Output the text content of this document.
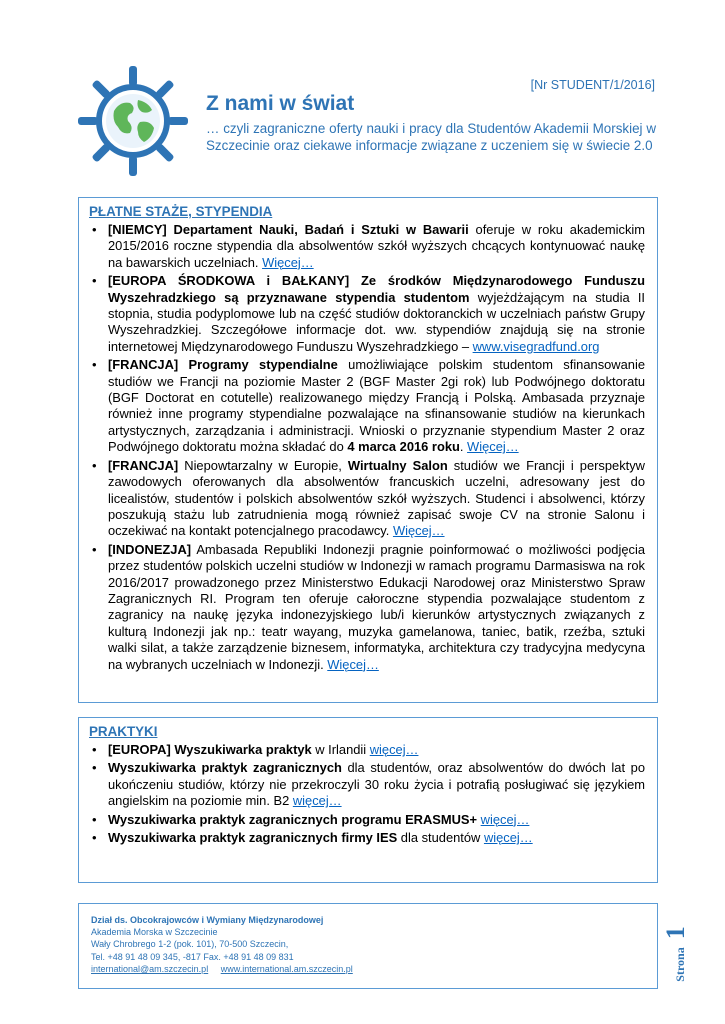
[Nr STUDENT/1/2016]
Z nami w świat

… czyli zagraniczne oferty nauki i pracy dla Studentów Akademii Morskiej w Szczecinie oraz ciekawe informacje związane z uczeniem się w świecie 2.0

PŁATNE STAŻE, STYPENDIA
• [NIEMCY] Departament Nauki, Badań i Sztuki w Bawarii oferuje w roku akademickim 2015/2016 roczne stypendia dla absolwentów szkół wyższych chcących kontynuować naukę na bawarskich uczelniach. Więcej…
• [EUROPA ŚRODKOWA i BAŁKANY] Ze środków Międzynarodowego Funduszu Wyszehradzkiego są przyznawane stypendia studentom wyjeżdżającym na studia II stopnia, studia podyplomowe lub na część studiów doktoranckich w uczelniach państw Grupy Wyszehradzkiej. Szczegółowe informacje dot. ww. stypendiów znajdują się na stronie internetowej Międzynarodowego Funduszu Wyszehradzkiego – www.visegradfund.org
• [FRANCJA] Programy stypendialne umożliwiające polskim studentom sfinansowanie studiów we Francji na poziomie Master 2 (BGF Master 2gi rok) lub Podwójnego doktoratu (BGF Doctorat en cotutelle) realizowanego między Francją i Polską. Ambasada przyznaje również inne programy stypendialne pozwalające na sfinansowanie studiów na kierunkach artystycznych, zarządzania i administracji. Wnioski o przyznanie stypendium Master 2 oraz Podwójnego doktoratu można składać do 4 marca 2016 roku. Więcej…
• [FRANCJA] Niepowtarzalny w Europie, Wirtualny Salon studiów we Francji i perspektyw zawodowych oferowanych dla absolwentów francuskich uczelni, adresowany jest do licealistów, studentów i polskich absolwentów szkół wyższych. Studenci i absolwenci, którzy poszukują stażu lub zatrudnienia mogą również zapisać swoje CV na stronie Salonu i oczekiwać na kontakt potencjalnego pracodawcy. Więcej…
• [INDONEZJA] Ambasada Republiki Indonezji pragnie poinformować o możliwości podjęcia przez studentów polskich uczelni studiów w Indonezji w ramach programu Darmasiswa na rok 2016/2017 prowadzonego przez Ministerstwo Edukacji Narodowej oraz Ministerstwo Spraw Zagranicznych RI. Program ten oferuje całoroczne stypendia pozwalające studentom z zagranicy na naukę języka indonezyjskiego lub/i kierunków artystycznych związanych z kulturą Indonezji jak np.: teatr wayang, muzyka gamelanowa, taniec, batik, rzeźba, sztuki walki silat, a także zarządzenie biznesem, informatyka, architektura czy tradycyjna medycyna na wybranych uczelniach w Indonezji. Więcej…
PRAKTYKI
• [EUROPA] Wyszukiwarka praktyk w Irlandii więcej…
• Wyszukiwarka praktyk zagranicznych dla studentów, oraz absolwentów do dwóch lat po ukończeniu studiów, którzy nie przekroczyli 30 roku życia i potrafią posługiwać się językiem angielskim na poziomie min. B2 więcej…
• Wyszukiwarka praktyk zagranicznych programu ERASMUS+ więcej…
• Wyszukiwarka praktyk zagranicznych firmy IES dla studentów więcej…
Dział ds. Obcokrajowców i Wymiany Międzynarodowej
Akademia Morska w Szczecinie
Wały Chrobrego 1-2 (pok. 101), 70-500 Szczecin,
Tel. +48 91 48 09 345, -817 Fax. +48 91 48 09 831
international@am.szczecin.pl www.international.am.szczecin.pl	Strona 1
